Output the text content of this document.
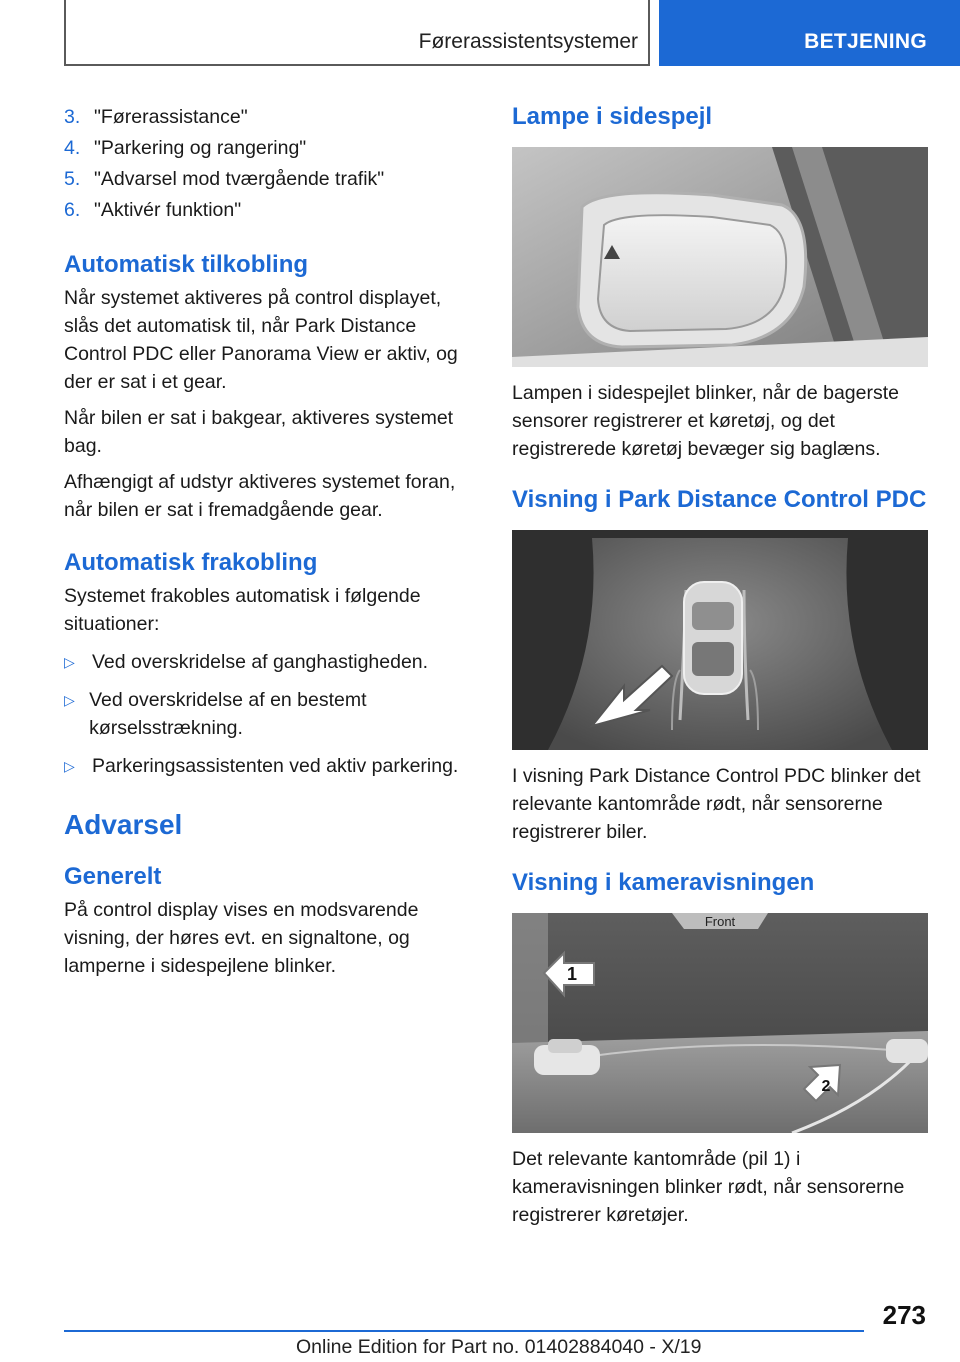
Førerassistentsystemer	BETJENING
3. "Førerassistance"
4. "Parkering og rangering"
5. "Advarsel mod tværgående trafik"
6. "Aktivér funktion"
Automatisk tilkobling

Når systemet aktiveres på control displayet, slås det automatisk til, når Park Distance Control PDC eller Panorama View er aktiv, og der er sat i et gear.

Når bilen er sat i bakgear, aktiveres systemet bag.

Afhængigt af udstyr aktiveres systemet foran, når bilen er sat i fremadgående gear.

Automatisk frakobling

Systemet frakobles automatisk i følgende situationer:

▷ Ved overskridelse af ganghastigheden.
▷ Ved overskridelse af en bestemt kørselsstrækning.
▷ Parkeringsassistenten ved aktiv parkering.
Advarsel
Generelt

På control display vises en modsvarende visning, der høres evt. en signaltone, og lamperne i sidespejlene blinker.

Lampe i sidespejl

Lampen i sidespejlet blinker, når de bagerste sensorer registrerer et køretøj, og det registrerede køretøj bevæger sig baglæns.

Visning i Park Distance Control PDC

I visning Park Distance Control PDC blinker det relevante kantområde rødt, når sensorerne registrerer biler.

Visning i kameravisningen
Front
1
2

Det relevante kantområde (pil 1) i kameravisningen blinker rødt, når sensorerne registrerer køretøjer.

273
Online Edition for Part no. 01402884040 - X/19
